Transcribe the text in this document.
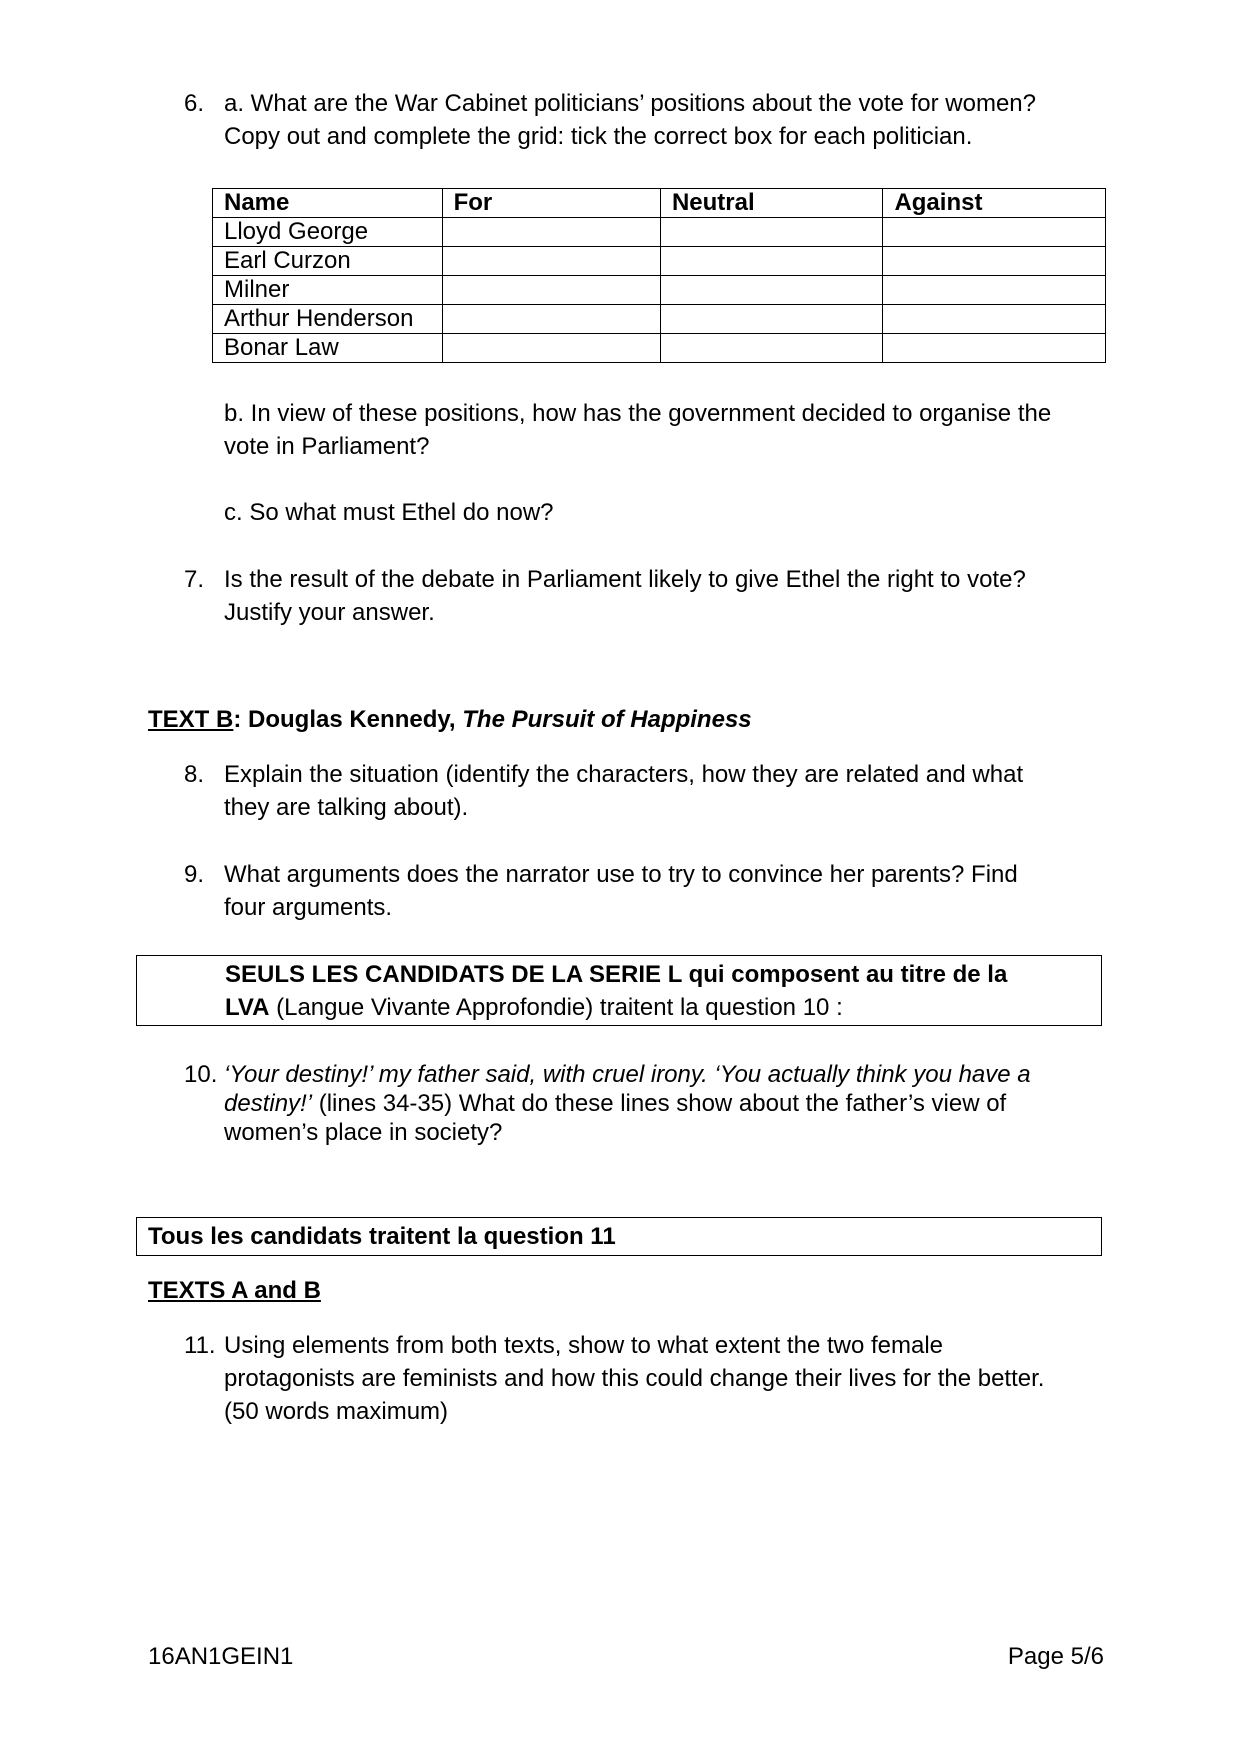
6. a. What are the War Cabinet politicians’ positions about the vote for women?
Copy out and complete the grid: tick the correct box for each politician.
Name	For	Neutral	Against
Lloyd George			
Earl Curzon			
Milner			
Arthur Henderson			
Bonar Law			
b. In view of these positions, how has the government decided to organise the
vote in Parliament?
c. So what must Ethel do now?
7. Is the result of the debate in Parliament likely to give Ethel the right to vote?
Justify your answer.
TEXT B: Douglas Kennedy, The Pursuit of Happiness
8. Explain the situation (identify the characters, how they are related and what
they are talking about).
9. What arguments does the narrator use to try to convince her parents? Find
four arguments.
SEULS LES CANDIDATS DE LA SERIE L qui composent au titre de la
LVA (Langue Vivante Approfondie) traitent la question 10 :
10. ‘Your destiny!’ my father said, with cruel irony. ‘You actually think you have a
destiny!’ (lines 34-35) What do these lines show about the father’s view of
women’s place in society?
Tous les candidats traitent la question 11
TEXTS A and B
11. Using elements from both texts, show to what extent the two female
protagonists are feminists and how this could change their lives for the better.
(50 words maximum)
16AN1GEIN1	Page 5/6
